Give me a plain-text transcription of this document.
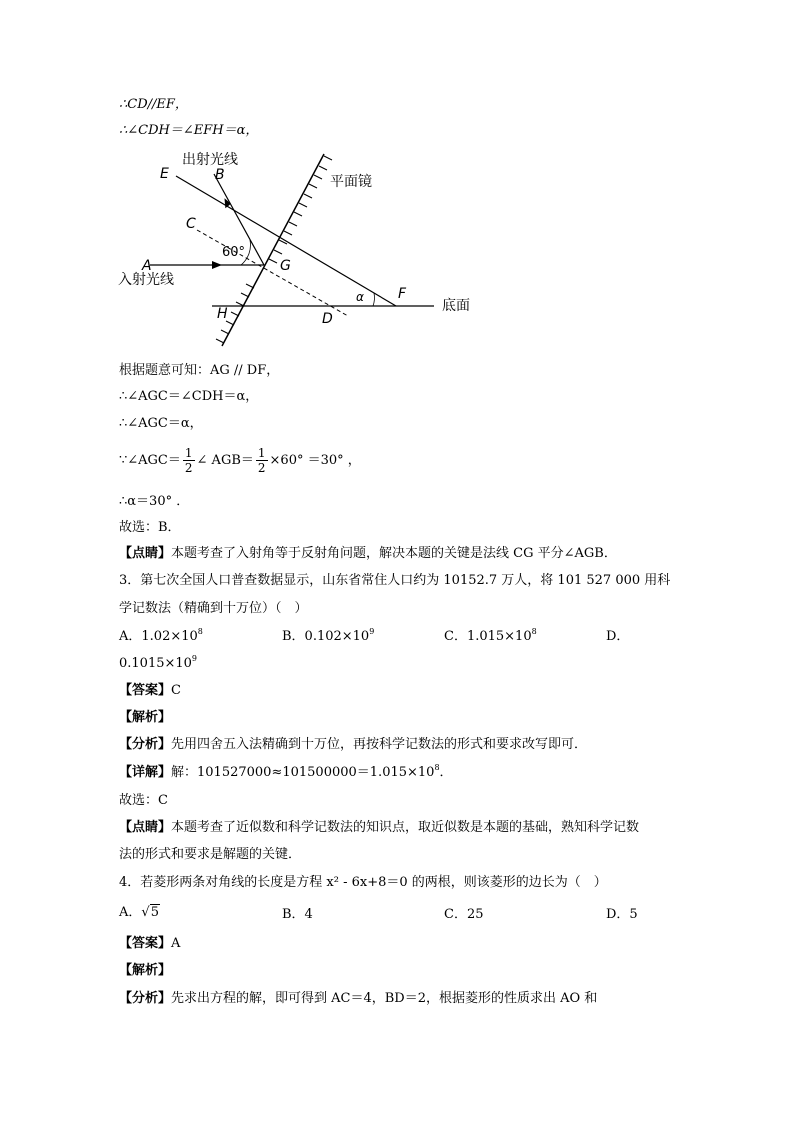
∴CD//EF，
∴∠CDH＝∠EFH＝α，
出射光线
平面镜
入射光线
底面
60°
α
E	B
C
A	G
H	D
F
根据题意可知：AG // DF，
∴∠AGC＝∠CDH＝α，
∴∠AGC＝α，
∵∠AGC＝ $\frac{1}{2}$ ∠ $AGB= \frac{1}{2} \times 60^\circ =30^\circ$ ，
∴α＝30° ．
故选：B．
【点睛】本题考查了入射角等于反射角问题，解决本题的关键是法线 CG 平分∠AGB．
3．第七次全国人口普查数据显示，山东省常住人口约为 10152.7 万人，将 101 527 000 用科
学记数法（精确到十万位）（　）
A．$1.02\times 10^8$	B．$0.102\times 10^9$	C．$1.015\times 10^8$	D．
$0.1015\times 10^9$
【答案】C
【解析】
【分析】先用四舍五入法精确到十万位，再按科学记数法的形式和要求改写即可．
【详解】解：$101527000\approx 101500000=1.015\times 10^8$．
故选：C
【点睛】本题考查了近似数和科学记数法的知识点，取近似数是本题的基础，熟知科学记数
法的形式和要求是解题的关键．
4．若菱形两条对角线的长度是方程 x² - 6x+8＝0 的两根，则该菱形的边长为（　）
A．√5	B．4	C．25	D．5
【答案】A
【解析】
【分析】先求出方程的解，即可得到 AC＝4，BD＝2，根据菱形的性质求出 AO 和
